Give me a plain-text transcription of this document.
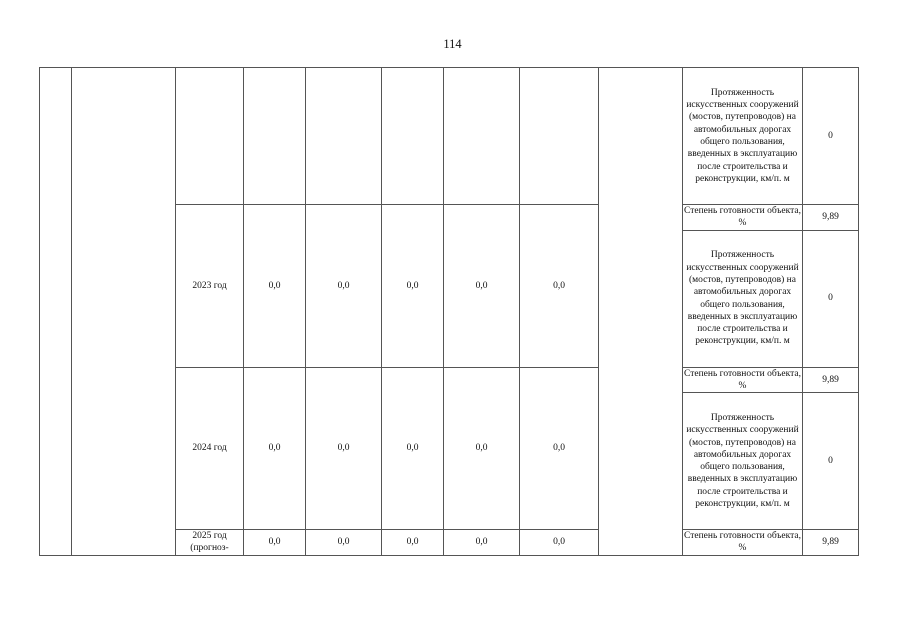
114
									Протяженность искусственных сооружений (мостов, путепроводов) на автомобильных дорогах общего пользования, введенных в эксплуатацию после строительства и реконструкции, км/п. м	0
		2023 год	0,0	0,0	0,0	0,0	0,0		Степень готовности объекта, %	9,89
									Протяженность искусственных сооружений (мостов, путепроводов) на автомобильных дорогах общего пользования, введенных в эксплуатацию после строительства и реконструкции, км/п. м	0
		2024 год	0,0	0,0	0,0	0,0	0,0		Степень готовности объекта, %	9,89
									Протяженность искусственных сооружений (мостов, путепроводов) на автомобильных дорогах общего пользования, введенных в эксплуатацию после строительства и реконструкции, км/п. м	0
		2025 год (прогноз-	0,0	0,0	0,0	0,0	0,0		Степень готовности объекта, %	9,89
